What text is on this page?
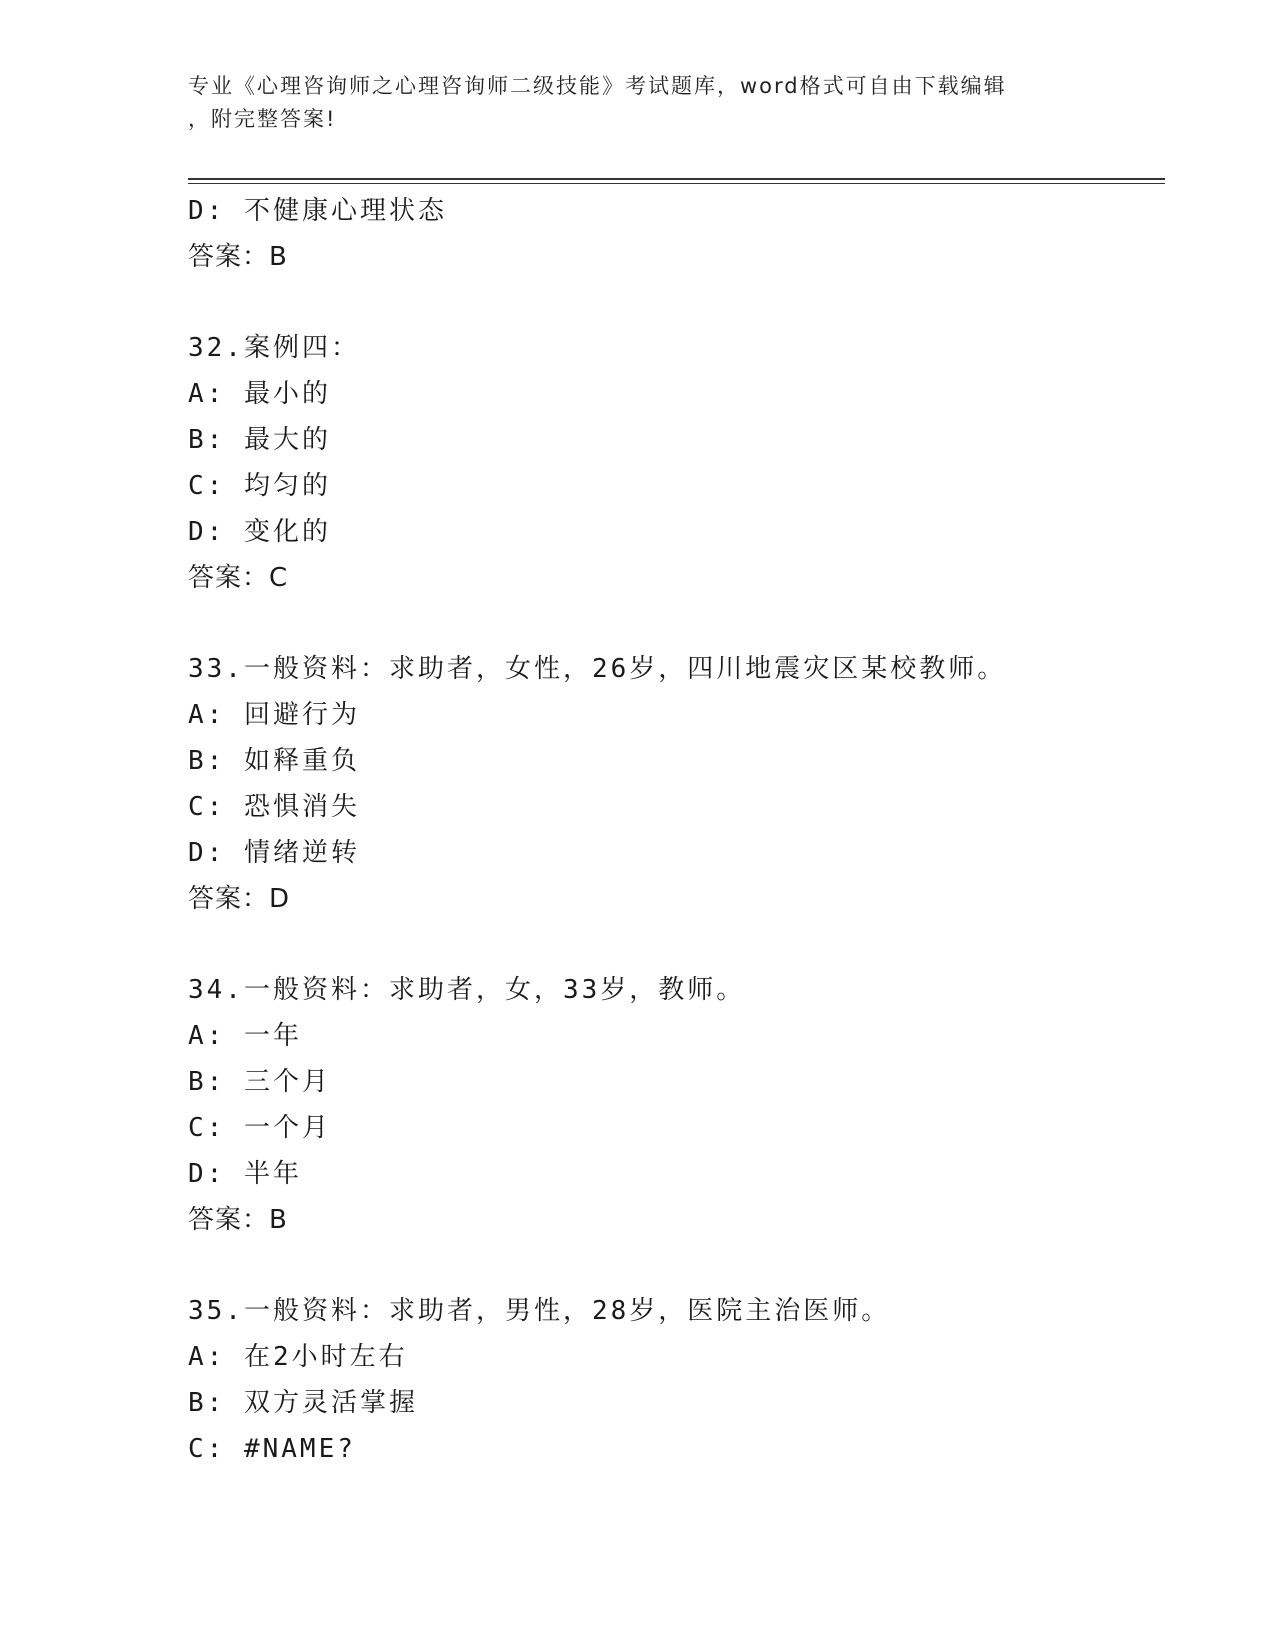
专业《心理咨询师之心理咨询师二级技能》考试题库，word格式可自由下载编辑
，附完整答案!
D: 不健康心理状态
答案：B
32.案例四：
A: 最小的
B: 最大的
C: 均匀的
D: 变化的
答案：C
33.一般资料：求助者，女性，26岁，四川地震灾区某校教师。
A: 回避行为
B: 如释重负
C: 恐惧消失
D: 情绪逆转
答案：D
34.一般资料：求助者，女，33岁，教师。
A: 一年
B: 三个月
C: 一个月
D: 半年
答案：B
35.一般资料：求助者，男性，28岁，医院主治医师。
A: 在2小时左右
B: 双方灵活掌握
C: #NAME?
